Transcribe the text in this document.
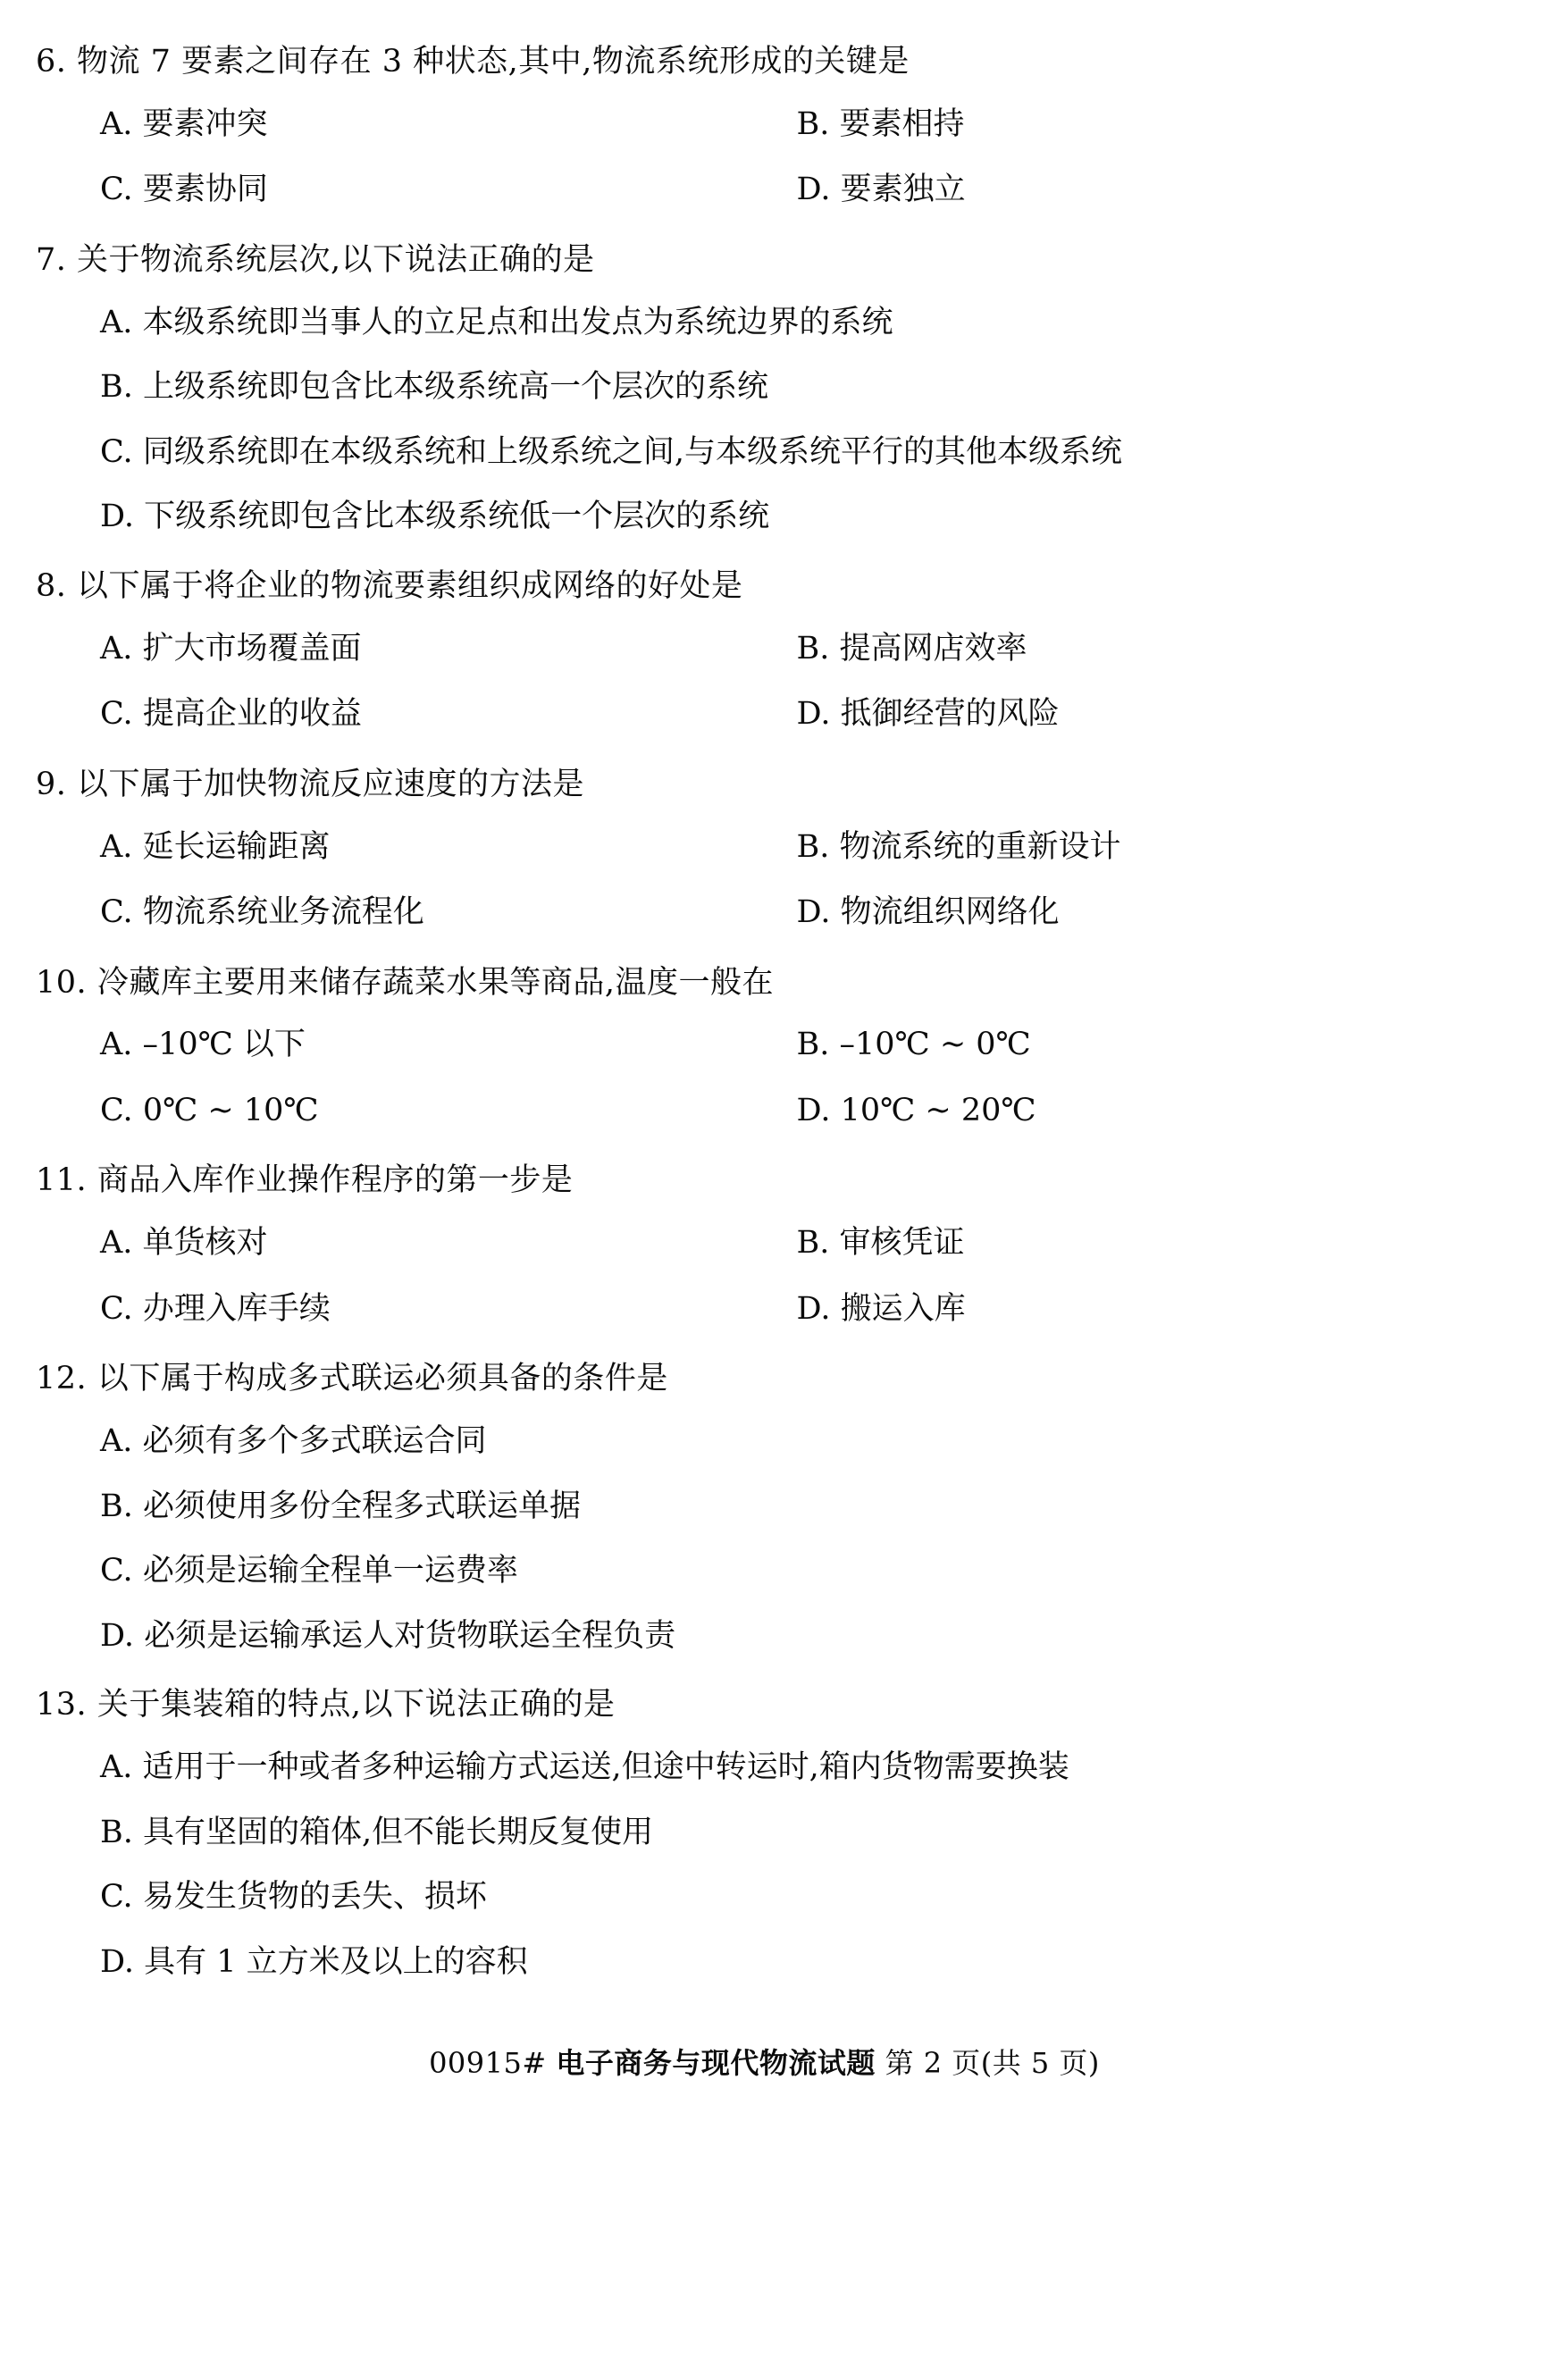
6. 物流 7 要素之间存在 3 种状态,其中,物流系统形成的关键是
A. 要素冲突	B. 要素相持
C. 要素协同	D. 要素独立
7. 关于物流系统层次,以下说法正确的是
A. 本级系统即当事人的立足点和出发点为系统边界的系统
B. 上级系统即包含比本级系统高一个层次的系统
C. 同级系统即在本级系统和上级系统之间,与本级系统平行的其他本级系统
D. 下级系统即包含比本级系统低一个层次的系统
8. 以下属于将企业的物流要素组织成网络的好处是
A. 扩大市场覆盖面	B. 提高网店效率
C. 提高企业的收益	D. 抵御经营的风险
9. 以下属于加快物流反应速度的方法是
A. 延长运输距离	B. 物流系统的重新设计
C. 物流系统业务流程化	D. 物流组织网络化
10. 冷藏库主要用来储存蔬菜水果等商品,温度一般在
A. –10℃ 以下	B. –10℃ ~ 0℃
C. 0℃ ~ 10℃	D. 10℃ ~ 20℃
11. 商品入库作业操作程序的第一步是
A. 单货核对	B. 审核凭证
C. 办理入库手续	D. 搬运入库
12. 以下属于构成多式联运必须具备的条件是
A. 必须有多个多式联运合同
B. 必须使用多份全程多式联运单据
C. 必须是运输全程单一运费率
D. 必须是运输承运人对货物联运全程负责
13. 关于集装箱的特点,以下说法正确的是
A. 适用于一种或者多种运输方式运送,但途中转运时,箱内货物需要换装
B. 具有坚固的箱体,但不能长期反复使用
C. 易发生货物的丢失、损坏
D. 具有 1 立方米及以上的容积
00915# 电子商务与现代物流试题 第 2 页(共 5 页)
